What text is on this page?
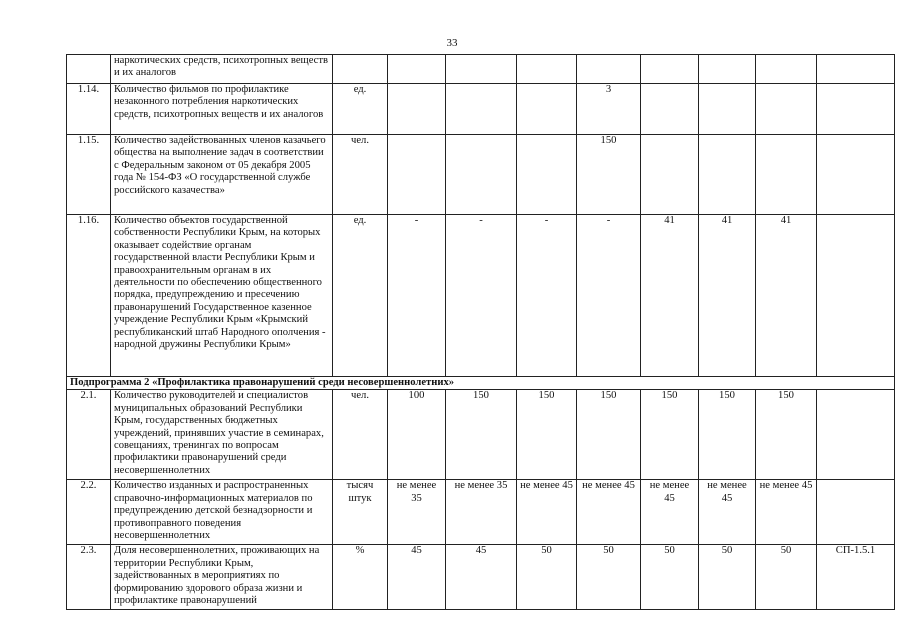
33
	наркотических средств, психотропных веществ и их аналогов									
1.14.	Количество фильмов по профилактике незаконного потребления наркотических средств, психотропных веществ и их аналогов	ед.				3				
1.15.	Количество задействованных членов казачьего общества на выполнение задач в соответствии с Федеральным законом от 05 декабря 2005 года № 154-ФЗ «О государственной службе российского казачества»	чел.				150				
1.16.	Количество объектов государственной собственности Республики Крым, на которых оказывает содействие органам государственной власти Республики Крым и правоохранительным органам в их деятельности по обеспечению общественного порядка, предупреждению и пресечению правонарушений Государственное казенное учреждение Республики Крым «Крымский республиканский штаб Народного ополчения - народной дружины Республики Крым»	ед.	-	-	-	-	41	41	41	
Подпрограмма 2 «Профилактика правонарушений среди несовершеннолетних»										
2.1.	Количество руководителей и специалистов муниципальных образований Республики Крым, государственных бюджетных учреждений, принявших участие в семинарах, совещаниях, тренингах по вопросам профилактики правонарушений среди несовершеннолетних	чел.	100	150	150	150	150	150	150	
2.2.	Количество изданных и распространенных справочно-информационных материалов по предупреждению детской безнадзорности и противоправного поведения несовершеннолетних	тысяч штук	не менее 35	не менее 35	не менее 45	не менее 45	не менее 45	не менее 45	не менее 45	
2.3.	Доля несовершеннолетних, проживающих на территории Республики Крым, задействованных в мероприятиях по формированию здорового образа жизни и профилактике правонарушений	%	45	45	50	50	50	50	50	СП-1.5.1
